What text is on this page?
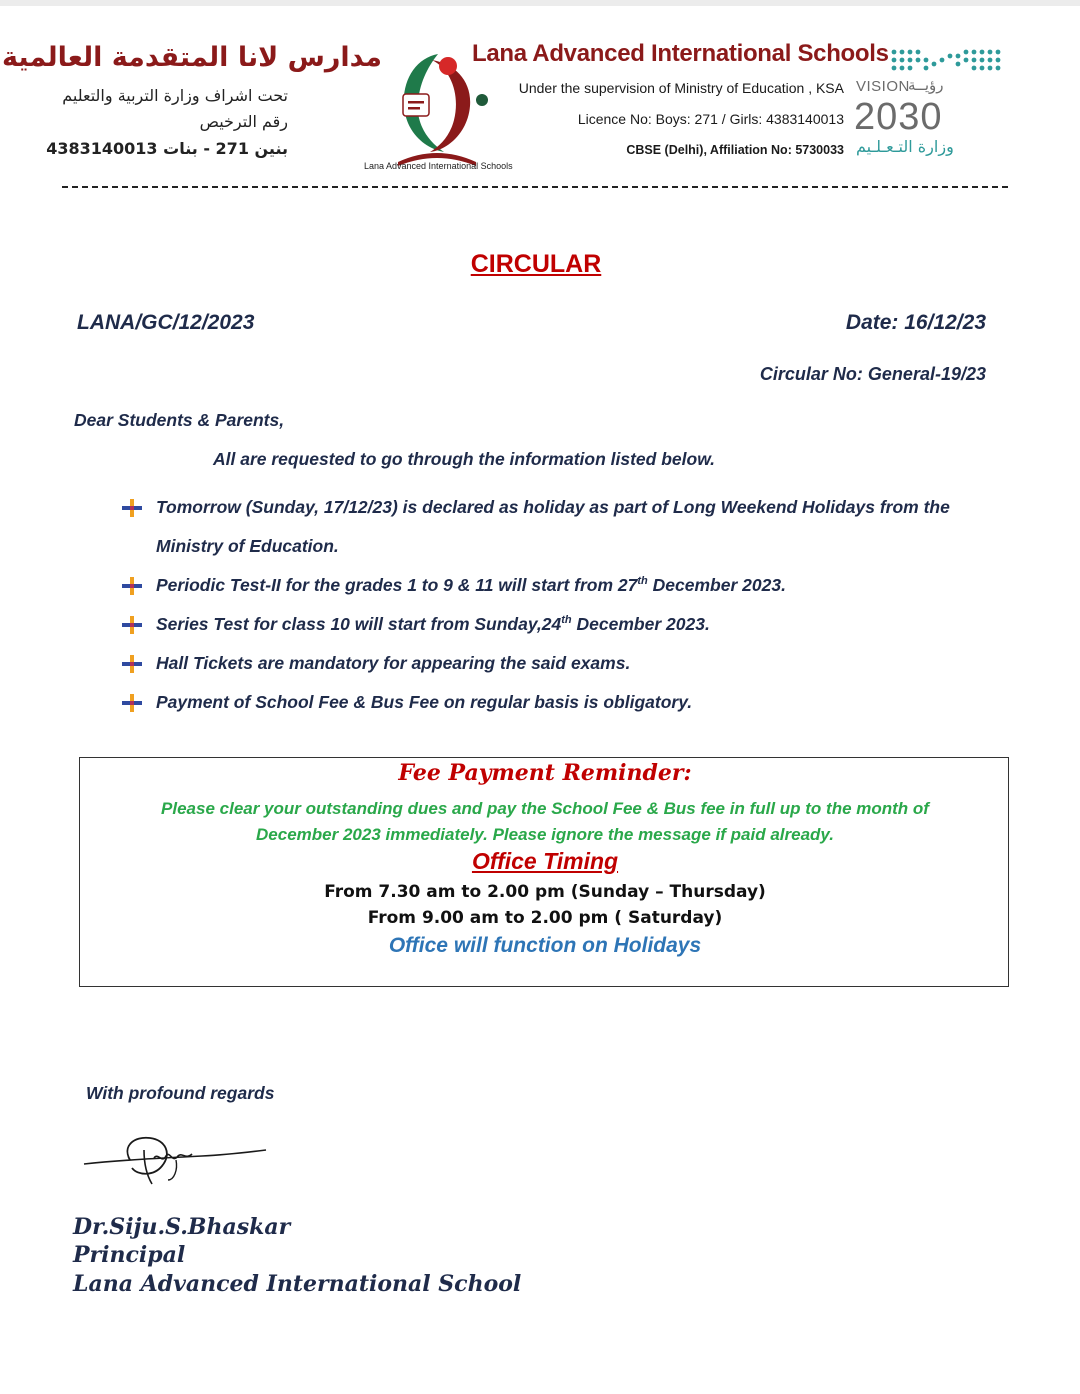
مدارس لانا المتقدمة العالمية
تحت اشراف وزارة التربية والتعليم
رقم الترخيص
بنين 271 - بنات 4383140013
Lana Advanced International Schools
Lana Advanced International Schools
Under the supervision of Ministry of Education , KSA
Licence No: Boys: 271 / Girls: 4383140013
CBSE (Delhi), Affiliation No: 5730033
VISION
رؤيــة
2030
وزارة التـعـلـيم
CIRCULAR
LANA/GC/12/2023	Date: 16/12/23
Circular No: General-19/23
Dear Students & Parents,
All are requested to go through the information listed below.
Tomorrow (Sunday, 17/12/23) is declared as holiday as part of Long Weekend Holidays from the
Ministry of Education.
Periodic Test-II for the grades 1 to 9 & 11 will start from 27th December 2023.
Series Test for class 10 will start from Sunday,24th December 2023.
Hall Tickets are mandatory for appearing the said exams.
Payment of School Fee & Bus Fee on regular basis is obligatory.
Fee Payment Reminder:
Please clear your outstanding dues and pay the School Fee & Bus fee in full up to the month of
December 2023 immediately. Please ignore the message if paid already.
Office Timing
From 7.30 am to 2.00 pm (Sunday – Thursday)
From 9.00 am to 2.00 pm ( Saturday)
Office will function on Holidays
With profound regards
Dr.Siju.S.Bhaskar
Principal
Lana Advanced International School
